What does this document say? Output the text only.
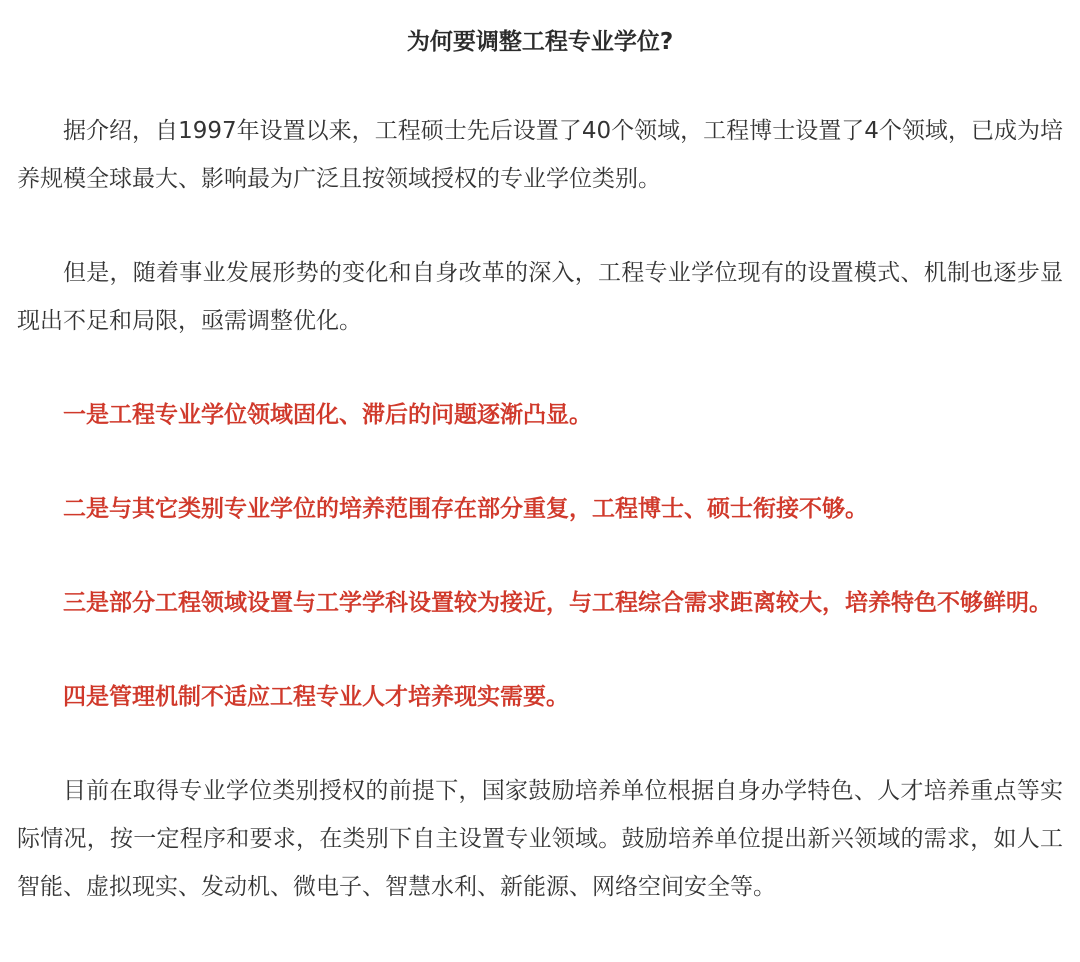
为何要调整工程专业学位?

据介绍，自1997年设置以来，工程硕士先后设置了40个领域，工程博士设置了4个领域，已成为培养规模全球最大、影响最为广泛且按领域授权的专业学位类别。

但是，随着事业发展形势的变化和自身改革的深入，工程专业学位现有的设置模式、机制也逐步显现出不足和局限，亟需调整优化。

一是工程专业学位领域固化、滞后的问题逐渐凸显。

二是与其它类别专业学位的培养范围存在部分重复，工程博士、硕士衔接不够。

三是部分工程领域设置与工学学科设置较为接近，与工程综合需求距离较大，培养特色不够鲜明。

四是管理机制不适应工程专业人才培养现实需要。

目前在取得专业学位类别授权的前提下，国家鼓励培养单位根据自身办学特色、人才培养重点等实际情况，按一定程序和要求，在类别下自主设置专业领域。鼓励培养单位提出新兴领域的需求，如人工智能、虚拟现实、发动机、微电子、智慧水利、新能源、网络空间安全等。
